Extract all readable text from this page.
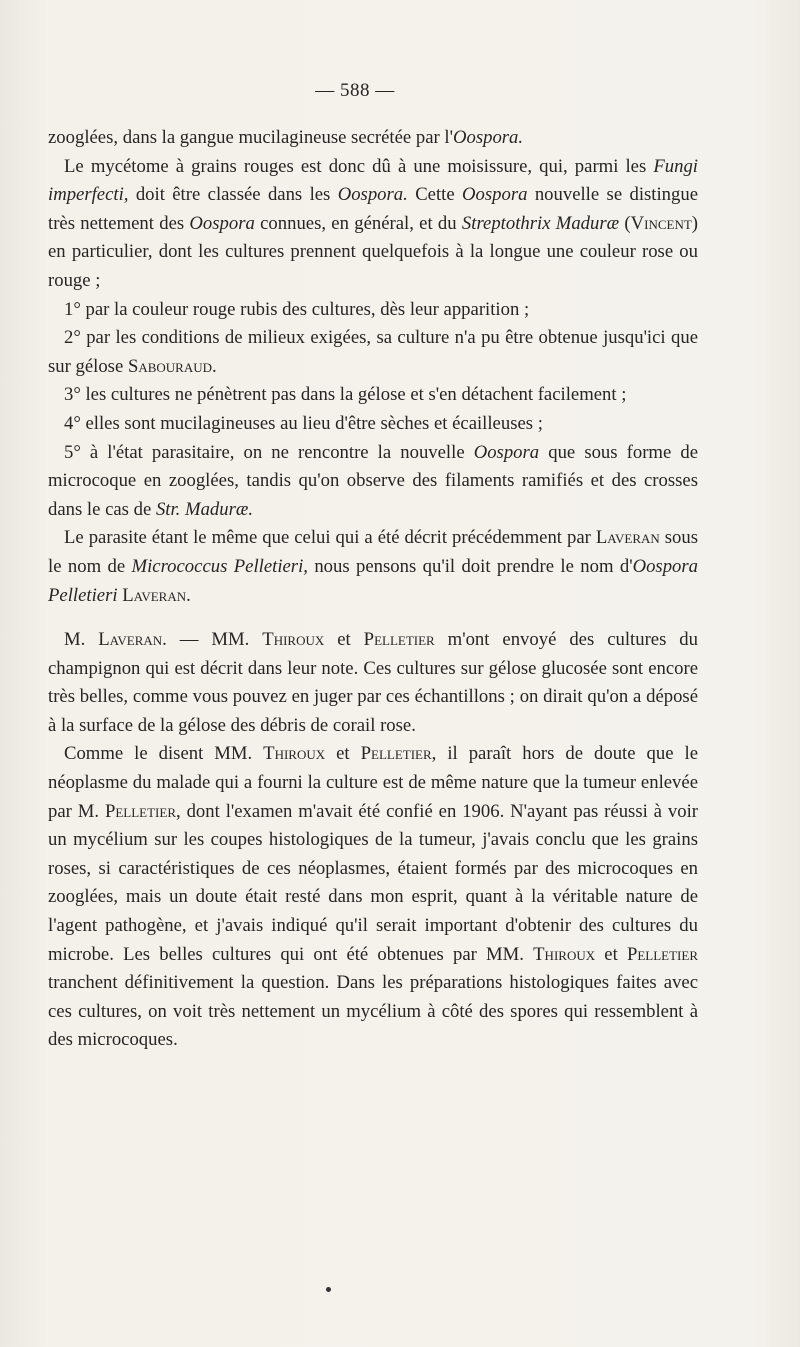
— 588 —

zooglées, dans la gangue mucilagineuse secrétée par l'Oospora.

Le mycétome à grains rouges est donc dû à une moisissure, qui, parmi les Fungi imperfecti, doit être classée dans les Oospora. Cette Oospora nouvelle se distingue très nettement des Oospora connues, en général, et du Streptothrix Maduræ (Vincent) en particulier, dont les cultures prennent quelquefois à la longue une couleur rose ou rouge ;

1° par la couleur rouge rubis des cultures, dès leur apparition ;

2° par les conditions de milieux exigées, sa culture n'a pu être obtenue jusqu'ici que sur gélose Sabouraud.

3° les cultures ne pénètrent pas dans la gélose et s'en détachent facilement ;

4° elles sont mucilagineuses au lieu d'être sèches et écailleuses ;

5° à l'état parasitaire, on ne rencontre la nouvelle Oospora que sous forme de microcoque en zooglées, tandis qu'on observe des filaments ramifiés et des crosses dans le cas de Str. Maduræ.

Le parasite étant le même que celui qui a été décrit précédemment par Laveran sous le nom de Micrococcus Pelletieri, nous pensons qu'il doit prendre le nom d'Oospora Pelletieri Laveran.

M. Laveran. — MM. Thiroux et Pelletier m'ont envoyé des cultures du champignon qui est décrit dans leur note. Ces cultures sur gélose glucosée sont encore très belles, comme vous pouvez en juger par ces échantillons ; on dirait qu'on a déposé à la surface de la gélose des débris de corail rose.

Comme le disent MM. Thiroux et Pelletier, il paraît hors de doute que le néoplasme du malade qui a fourni la culture est de même nature que la tumeur enlevée par M. Pelletier, dont l'examen m'avait été confié en 1906. N'ayant pas réussi à voir un mycélium sur les coupes histologiques de la tumeur, j'avais conclu que les grains roses, si caractéristiques de ces néoplasmes, étaient formés par des microcoques en zooglées, mais un doute était resté dans mon esprit, quant à la véritable nature de l'agent pathogène, et j'avais indiqué qu'il serait important d'obtenir des cultures du microbe. Les belles cultures qui ont été obtenues par MM. Thiroux et Pelletier tranchent définitivement la question. Dans les préparations histologiques faites avec ces cultures, on voit très nettement un mycélium à côté des spores qui ressemblent à des microcoques.
